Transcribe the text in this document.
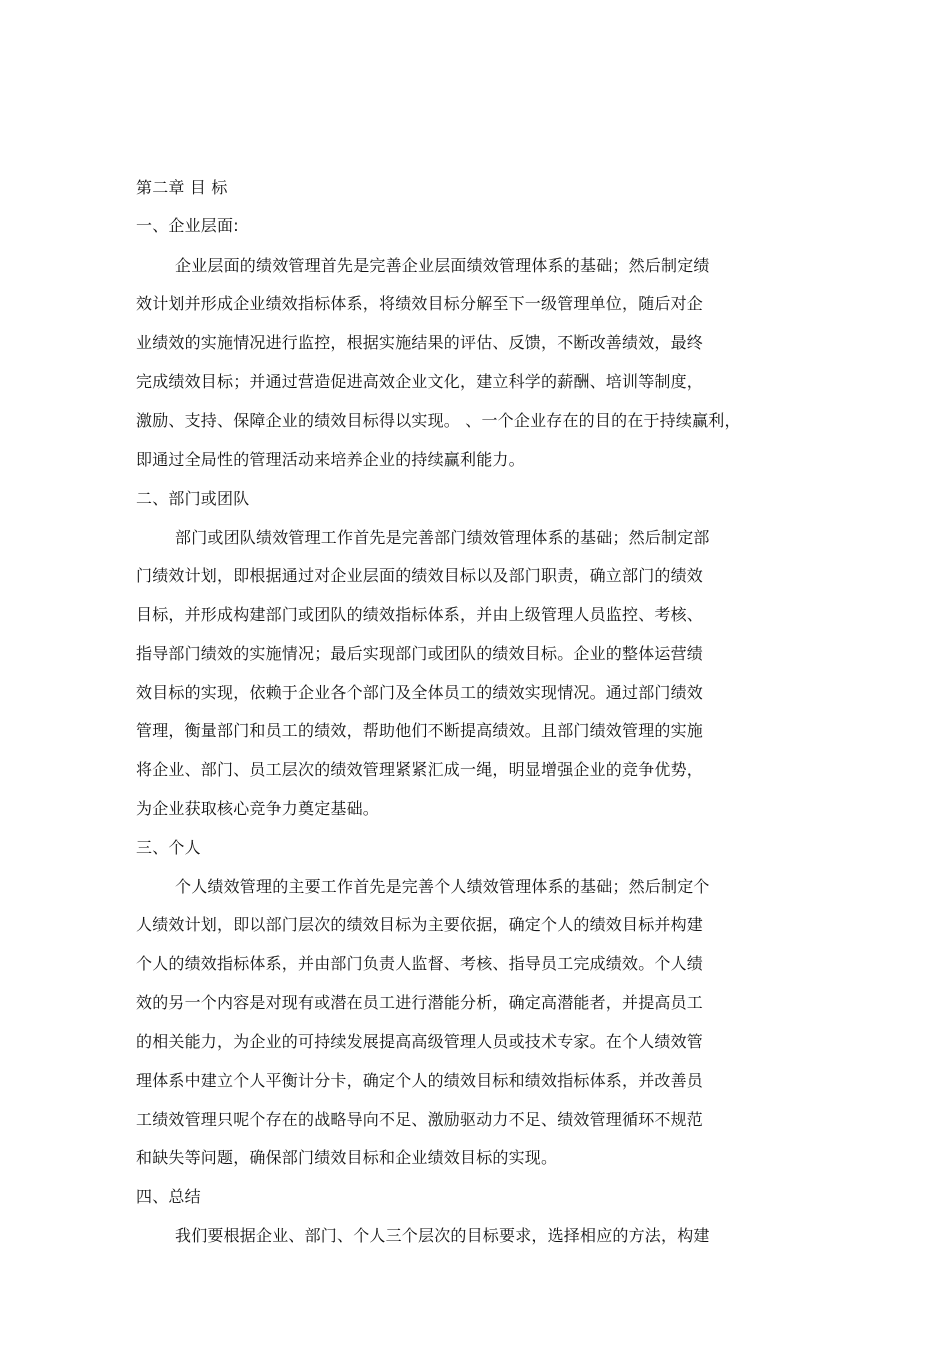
第二章 目 标
一、企业层面:
企业层面的绩效管理首先是完善企业层面绩效管理体系的基础；然后制定绩
效计划并形成企业绩效指标体系，将绩效目标分解至下一级管理单位，随后对企
业绩效的实施情况进行监控，根据实施结果的评估、反馈，不断改善绩效，最终
完成绩效目标；并通过营造促进高效企业文化，建立科学的薪酬、培训等制度，
激励、支持、保障企业的绩效目标得以实现。 、一个企业存在的目的在于持续赢利，
即通过全局性的管理活动来培养企业的持续赢利能力。
二、部门或团队
部门或团队绩效管理工作首先是完善部门绩效管理体系的基础；然后制定部
门绩效计划，即根据通过对企业层面的绩效目标以及部门职责，确立部门的绩效
目标，并形成构建部门或团队的绩效指标体系，并由上级管理人员监控、考核、
指导部门绩效的实施情况；最后实现部门或团队的绩效目标。企业的整体运营绩
效目标的实现，依赖于企业各个部门及全体员工的绩效实现情况。通过部门绩效
管理，衡量部门和员工的绩效，帮助他们不断提高绩效。且部门绩效管理的实施
将企业、部门、员工层次的绩效管理紧紧汇成一绳，明显增强企业的竞争优势，
为企业获取核心竞争力奠定基础。
三、个人
个人绩效管理的主要工作首先是完善个人绩效管理体系的基础；然后制定个
人绩效计划，即以部门层次的绩效目标为主要依据，确定个人的绩效目标并构建
个人的绩效指标体系，并由部门负责人监督、考核、指导员工完成绩效。个人绩
效的另一个内容是对现有或潜在员工进行潜能分析，确定高潜能者，并提高员工
的相关能力，为企业的可持续发展提高高级管理人员或技术专家。在个人绩效管
理体系中建立个人平衡计分卡，确定个人的绩效目标和绩效指标体系，并改善员
工绩效管理只呢个存在的战略导向不足、激励驱动力不足、绩效管理循环不规范
和缺失等问题，确保部门绩效目标和企业绩效目标的实现。
四、总结
我们要根据企业、部门、个人三个层次的目标要求，选择相应的方法，构建
